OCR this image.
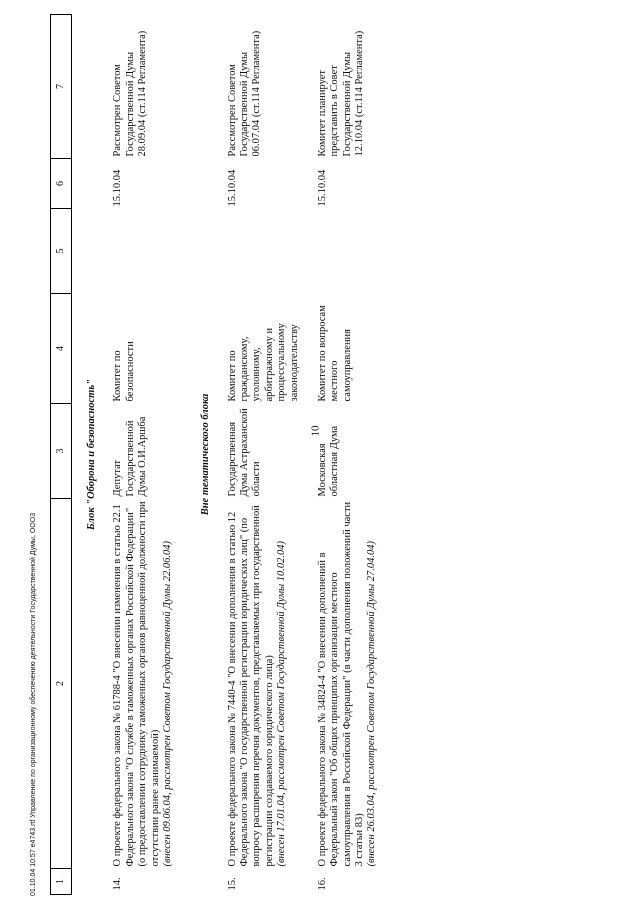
10
1	2	3	4	5	6	7
Блок "Оборона и безопасность"						
14.	О проекте федерального закона № 61788-4 "О внесении изменения в статью 22.1 Федерального закона "О службе в таможенных органах Российской Федерации" (о предоставлении сотруднику таможенных органов равноценной должности при отсутствии ранее занимаемой) (внесен 09.06.04, рассмотрен Советом Государственной Думы 22.06.04)	Депутат Государственной Думы О.И.Аршба	Комитет по безопасности		15.10.04	Рассмотрен Советом Государственной Думы 28.09.04 (ст.114 Регламента)
Вне тематического блока						
15.	О проекте федерального закона № 7440-4 "О внесении дополнения в статью 12 Федерального закона "О государственной регистрации юридических лиц" (по вопросу расширения перечня документов, представляемых при государственной регистрации создаваемого юридического лица) (внесен 17.01.04, рассмотрен Советом Государственной Думы 10.02.04)	Государственная Дума Астраханской области	Комитет по гражданскому, уголовному, арбитражному и процессуальному законодательству		15.10.04	Рассмотрен Советом Государственной Думы 06.07.04 (ст.114 Регламента)
16.	О проекте федерального закона № 34824-4 "О внесении дополнений в Федеральный закон "Об общих принципах организации местного самоуправления в Российской Федерации" (в части дополнения положений части 3 статьи 83) (внесен 26.03.04, рассмотрен Советом Государственной Думы 27.04.04)	Московская областная Дума	Комитет по вопросам местного самоуправления		15.10.04	Комитет планирует представить в Совет Государственной Думы 12.10.04 (ст.114 Регламента)
01.10.04 10:57 e4743.rtf Управление по организационному обеспечению деятельности Государственной Думы, ООО3
